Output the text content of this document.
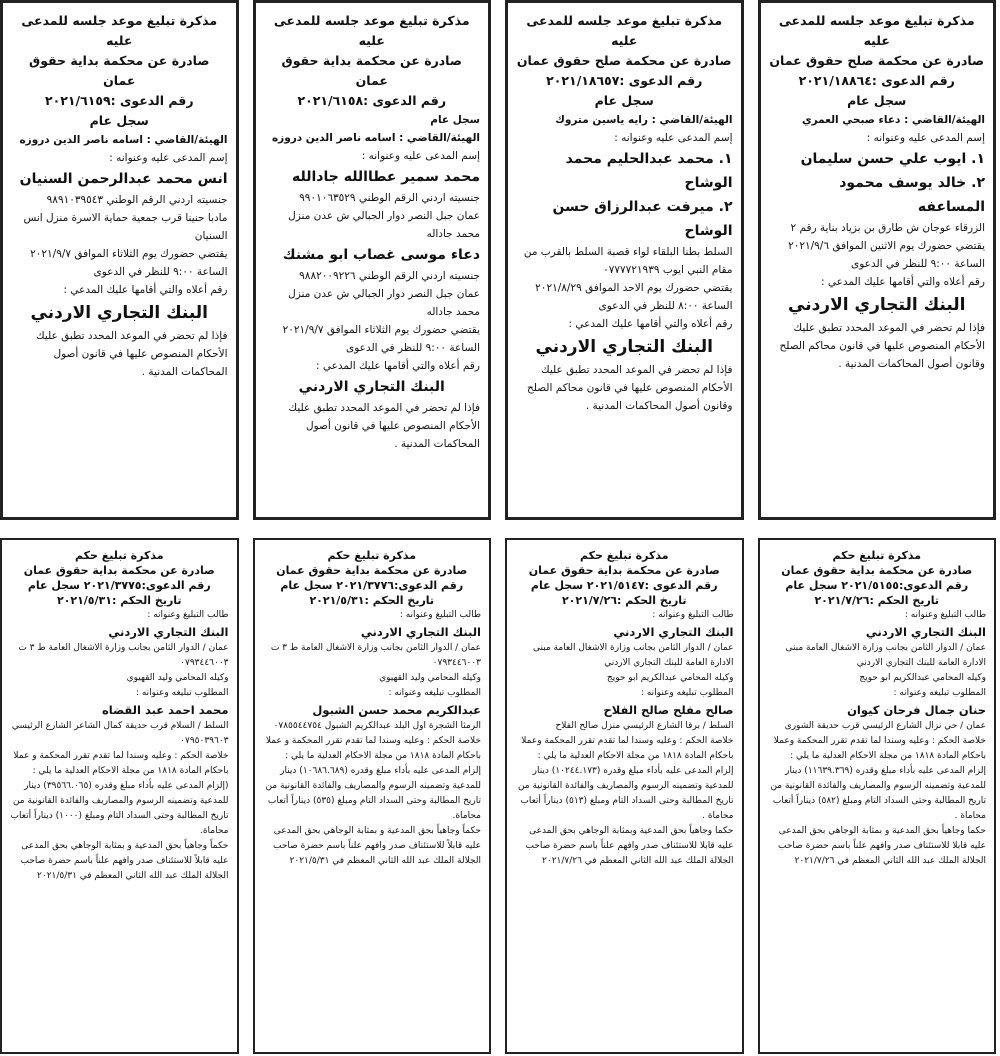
مذكرة تبليغ موعد جلسه للمدعى عليه

صادرة عن محكمة صلح حقوق عمان

رقم الدعوى :٢٠٢١/١٨٨٦٤

سجل عام

الهيئة/القاضي : دعاء صبحي العمري

إسم المدعى عليه وعنوانه :

١. ايوب علي حسن سليمان

٢. خالد يوسف محمود المساعفه

الزرقاء عوجان ش طارق بن بزياد بناية رقم ٢

يقتضي حضورك يوم الاثنين الموافق ٢٠٢١/٩/٦ الساعة ٩:٠٠ للنظر في الدعوى

رقم أعلاه والتي أقامها عليك المدعي :

البنك التجاري الاردني

فإذا لم تحضر في الموعد المحدد تطبق عليك الأحكام المنصوص عليها في قانون محاكم الصلح وقانون أصول المحاكمات المدنية .

مذكرة تبليغ موعد جلسه للمدعى عليه

صادرة عن محكمة صلح حقوق عمان

رقم الدعوى :٢٠٢١/١٨٦٥٧

سجل عام

الهيئة/القاضي : رايه ياسين متروك

إسم المدعى عليه وعنوانه :

١. محمد عبدالحليم محمد الوشاح

٢. ميرفت عبدالرزاق حسن الوشاح

السلط بطنا البلقاء لواء قصبة السلط بالقرب من مقام النبي ايوب ٠٧٧٧٧٢١٩٣٩

يقتضي حضورك يوم الاحد الموافق ٢٠٢١/٨/٢٩ الساعة ٨:٠٠ للنظر في الدعوى

رقم أعلاه والتي أقامها عليك المدعي :

البنك التجاري الاردني

فإذا لم تحضر في الموعد المحدد تطبق عليك الأحكام المنصوص عليها في قانون محاكم الصلح وقانون أصول المحاكمات المدنية .

مذكرة تبليغ موعد جلسه للمدعى عليه

صادرة عن محكمة بداية حقوق عمان

رقم الدعوى :٢٠٢١/٦١٥٨

سجل عام

الهيئة/القاضي : اسامه ناصر الدين دروزه

إسم المدعى عليه وعنوانه :

محمد سمير عطاالله جادالله

جنسيته اردني الرقم الوطني ٩٩٠١٠٦٣٥٢٩

عمان جبل النصر دوار الجبالي ش عدن منزل محمد جاداله

دعاء موسى غصاب ابو مشنك

جنسيته اردني الرقم الوطني ٩٨٨٢٠٠٩٢٢٦

عمان جبل النصر دوار الجبالي ش عدن منزل محمد جاداله

يقتضي حضورك يوم الثلاثاء الموافق ٢٠٢١/٩/٧ الساعة ٩:٠٠ للنظر في الدعوى

رقم أعلاه والتي أقامها عليك المدعي :

البنك التجاري الاردني

فإذا لم تحضر في الموعد المحدد تطبق عليك الأحكام المنصوص عليها في قانون أصول المحاكمات المدنية .

مذكرة تبليغ موعد جلسه للمدعى عليه

صادرة عن محكمة بداية حقوق عمان

رقم الدعوى :٢٠٢١/٦١٥٩

سجل عام

الهيئة/القاضي : اسامه ناصر الدين دروزه

إسم المدعى عليه وعنوانه :

انس محمد عبدالرحمن السنيان

جنسيته اردني الرقم الوطني ٩٨٩١٠٣٩٥٤٣

مادبا حنينا قرب جمعية حماية الاسرة منزل انس السنيان

يقتضي حضورك يوم الثلاثاء الموافق ٢٠٢١/٩/٧ الساعة ٩:٠٠ للنظر في الدعوى

رقم أعلاه والتي أقامها عليك المدعي :

البنك التجاري الاردني

فإذا لم تحضر في الموعد المحدد تطبق عليك الأحكام المنصوص عليها في قانون أصول المحاكمات المدنية .

مذكرة تبليغ حكم

صادرة عن محكمة بداية حقوق عمان

رقم الدعوى:٢٠٢١/٥١٥٥ سجل عام

تاريخ الحكم :٢٠٢١/٧/٢٦

طالب التبليغ وعنوانه :

البنك التجاري الاردني

عمان / الدوار الثامن بجانب وزارة الاشغال العامة مبنى الادارة العامة للبنك التجاري الاردني

وكيله المحامي عبدالكريم ابو حويج

المطلوب تبليغه وعنوانه :

حنان جمال فرحان كيوان

عمان / حي نزال الشارع الرئيسي قرب حديقة الشورى

خلاصة الحكم : وعليه وسندا لما تقدم تقرر المحكمة وعملا باحكام المادة ١٨١٨ من مجلة الاحكام العدلية ما يلي :

إلزام المدعى عليه بأداء مبلغ وقدره (١١٦٣٩.٣٦٩) دينار للمدعية وتضمينه الرسوم والمصاريف والفائدة القانونية من تاريخ المطالبة وحتى السداد التام ومبلغ (٥٨٢) ديناراً أتعاب محاماة .

حكما وجاهياً بحق المدعية و بمثابة الوجاهي بحق المدعى عليه قابلا للاستئناف صدر وافهم علناً باسم حضرة صاحب الجلالة الملك عبد الله الثاني المعظم في ٢٠٢١/٧/٢٦

مذكرة تبليغ حكم

صادرة عن محكمة بداية حقوق عمان

رقم الدعوى :٢٠٢١/٥١٤٧ سجل عام

تاريخ الحكم :٢٠٢١/٧/٢٦

طالب التبليغ وعنوانه :

البنك التجاري الاردني

عمان / الدوار الثامن بجانب وزارة الاشغال العامة مبنى الادارة العامة للبنك التجاري الاردني

وكيله المحامي عبدالكريم ابو حويج

المطلوب تبليغه وعنوانه :

صالح مفلح صالح الفلاح

السلط / برقا الشارع الرئيسي منزل صالح الفلاح

خلاصة الحكم : وعليه وسندا لما تقدم تقرر المحكمة وعملا باحكام المادة ١٨١٨ من مجلة الاحكام العدلية ما يلي :

إلزام المدعى عليه بأداء مبلغ وقدره (١٠٢٤٤.١٧٣) دينار للمدعية وتضمينه الرسوم والمصاريف والفائدة القانونية من تاريخ المطالبة وحتى السداد التام ومبلغ (٥١٣) ديناراً أتعاب محاماة .

حكما وجاهياً بحق المدعية وبمثابة الوجاهي بحق المدعى عليه قابلا للاستئناف صدر وافهم علناً باسم حضرة صاحب الجلالة الملك عبد الله الثاني المعظم في ٢٠٢١/٧/٢٦

مذكرة تبليغ حكم

صادرة عن محكمة بداية حقوق عمان

رقم الدعوى:٢٠٢١/٣٧٧٦ سجل عام

تاريخ الحكم :٢٠٢١/٥/٣١

طالب التبليغ وعنوانه :

البنك التجاري الاردني

عمان / الدوار الثامن بجانب وزارة الاشغال العامة ط ٣ ت ٠٧٩٣٤٤٦٠٠٣

وكيله المحامي وليد القهيوي

المطلوب تبليغه وعنوانه :

عبدالكريم محمد حسن الشبول

الرمثا الشجرة اول البلد عبدالكريم الشبول ٠٧٨٥٥٤٤٧٥٤

خلاصة الحكم : وعليه وسندا لما تقدم تقرر المحكمة و عملا باحكام المادة ١٨١٨ من مجلة الاحكام العدلية ما يلي :

إلزام المدعى عليه بأداء مبلغ وقدره (١٠٦٨٦.٦٨٩) دينار للمدعية وتضمينه الرسوم والمصاريف والفائدة القانونية من تاريخ المطالبة وحتى السداد التام ومبلغ (٥٣٥) ديناراً أتعاب محاماة.

حكماً وجاهياً بحق المدعية و بمثابة الوجاهي بحق المدعى عليه قابلاً للاستئناف صدر وافهم علناً باسم حضرة صاحب الجلالة الملك عبد الله الثاني المعظم في ٢٠٢١/٥/٣١

مذكرة تبليغ حكم

صادرة عن محكمة بداية حقوق عمان

رقم الدعوى:٢٠٢١/٣٧٧٥ سجل عام

تاريخ الحكم :٢٠٢١/٥/٣١

طالب التبليغ وعنوانه :

البنك التجاري الاردني

عمان / الدوار الثامن بجانب وزارة الاشغال العامة ط ٣ ت ٠٧٩٣٤٤٦٠٠٣

وكيله المحامي وليد القهيوي

المطلوب تبليغه وعنوانه :

محمد احمد عبد القضاه

السلط / السلام قرب حديقة كمال الشاعر الشارع الرئيسي ٠٧٩٥٠٣٩٦٠٣

خلاصة الحكم : وعليه وسندا لما تقدم تقرر المحكمة و عملا باحكام المادة ١٨١٨ من مجلة الاحكام العدلية ما يلي :

(إلزام المدعى عليه بأداء مبلغ وقدره (٣٩٥٦٦.٠٦٥) دينار للمدعية وتضمينه الرسوم والمصاريف والفائدة القانونية من تاريخ المطالبة وحتى السداد التام ومبلغ (١٠٠٠) ديناراً أتعاب محاماة.

حكماً وجاهياً بحق المدعية و بمثابة الوجاهي بحق المدعى عليه قابلاً للاستئناف صدر وافهم علناً باسم حضرة صاحب الجلالة الملك عبد الله الثاني المعظم في ٢٠٢١/٥/٣١
